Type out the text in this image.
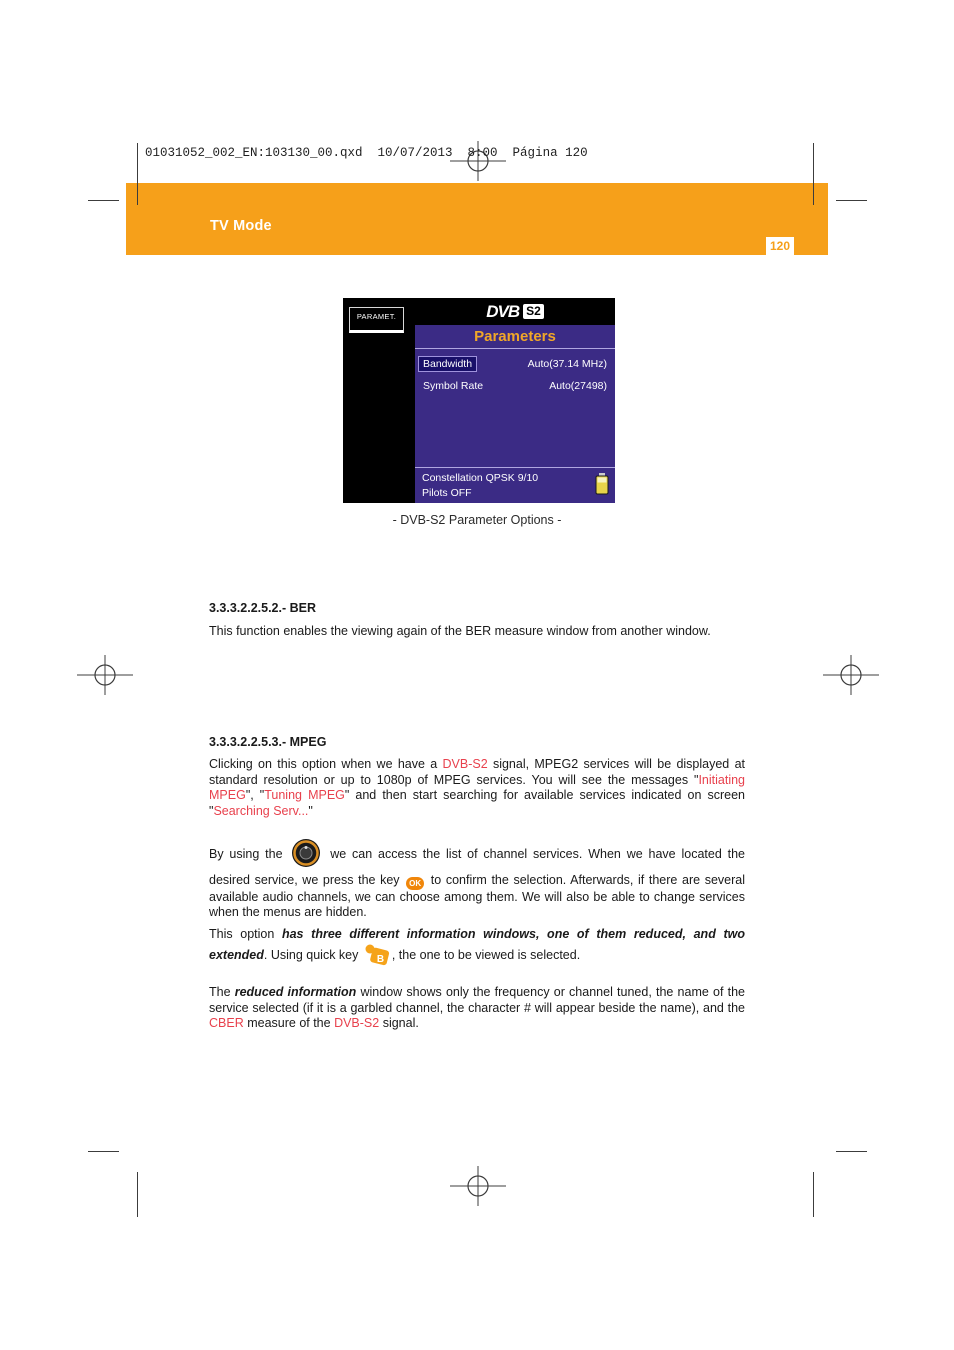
01031052_002_EN:103130_00.qxd  10/07/2013  8:00  Página 120
TV Mode
120
PARAMET.	DVB S2
Parameters
Bandwidth	Auto(37.14 MHz)
Symbol Rate	Auto(27498)
Constellation QPSK 9/10
Pilots OFF
- DVB-S2 Parameter Options -
3.3.3.2.2.5.2.- BER
This function enables the viewing again of the BER measure window from another window.
3.3.3.2.2.5.3.- MPEG
Clicking on this option when we have a DVB-S2 signal, MPEG2 services will be displayed at standard resolution or up to 1080p of MPEG services. You will see the messages "Initiating MPEG", "Tuning MPEG" and then start searching for available services indicated on screen "Searching Serv..."
By using the	we can access the list of channel services. When we have located the desired service, we press the key OK to confirm the selection. Afterwards, if there are several available audio channels, we can choose among them. We will also be able to change services when the menus are hidden.
This option has three different information windows, one of them reduced, and two extended. Using quick key B , the one to be viewed is selected.
The reduced information window shows only the frequency or channel tuned, the name of the service selected (if it is a garbled channel, the character # will appear beside the name), and the CBER measure of the DVB-S2 signal.
